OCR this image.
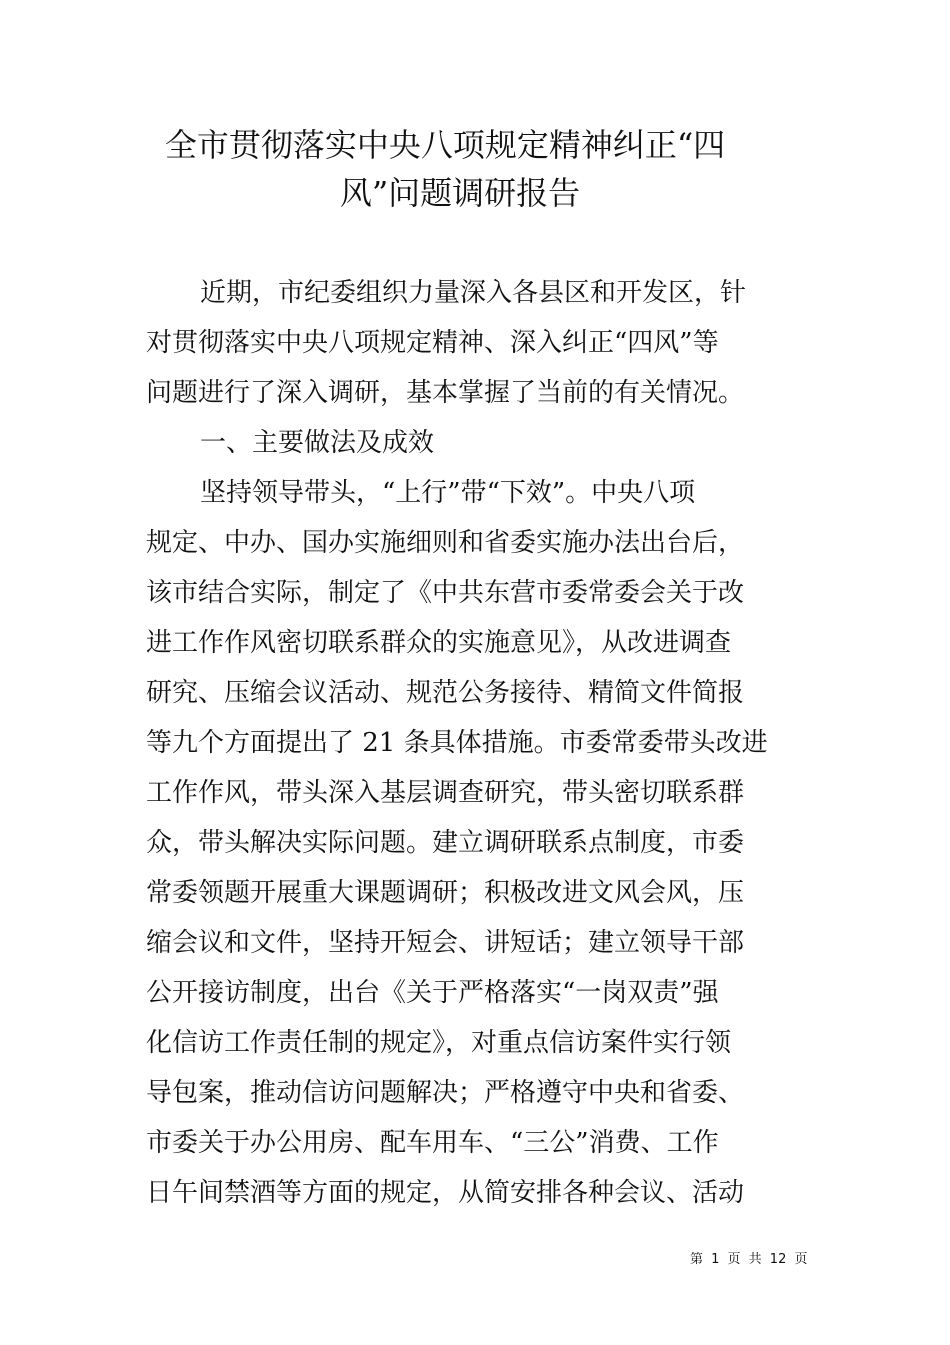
全市贯彻落实中央八项规定精神纠正“四
风”问题调研报告
近期，市纪委组织力量深入各县区和开发区，针
对贯彻落实中央八项规定精神、深入纠正“四风”等
问题进行了深入调研，基本掌握了当前的有关情况。
一、主要做法及成效
坚持领导带头，“上行”带“下效”。中央八项
规定、中办、国办实施细则和省委实施办法出台后，
该市结合实际，制定了《中共东营市委常委会关于改
进工作作风密切联系群众的实施意见》，从改进调查
研究、压缩会议活动、规范公务接待、精简文件简报
等九个方面提出了 21 条具体措施。市委常委带头改进
工作作风，带头深入基层调查研究，带头密切联系群
众，带头解决实际问题。建立调研联系点制度，市委
常委领题开展重大课题调研；积极改进文风会风，压
缩会议和文件，坚持开短会、讲短话；建立领导干部
公开接访制度，出台《关于严格落实“一岗双责”强
化信访工作责任制的规定》，对重点信访案件实行领
导包案，推动信访问题解决；严格遵守中央和省委、
市委关于办公用房、配车用车、“三公”消费、工作
日午间禁酒等方面的规定，从简安排各种会议、活动
第 1 页 共 12 页
